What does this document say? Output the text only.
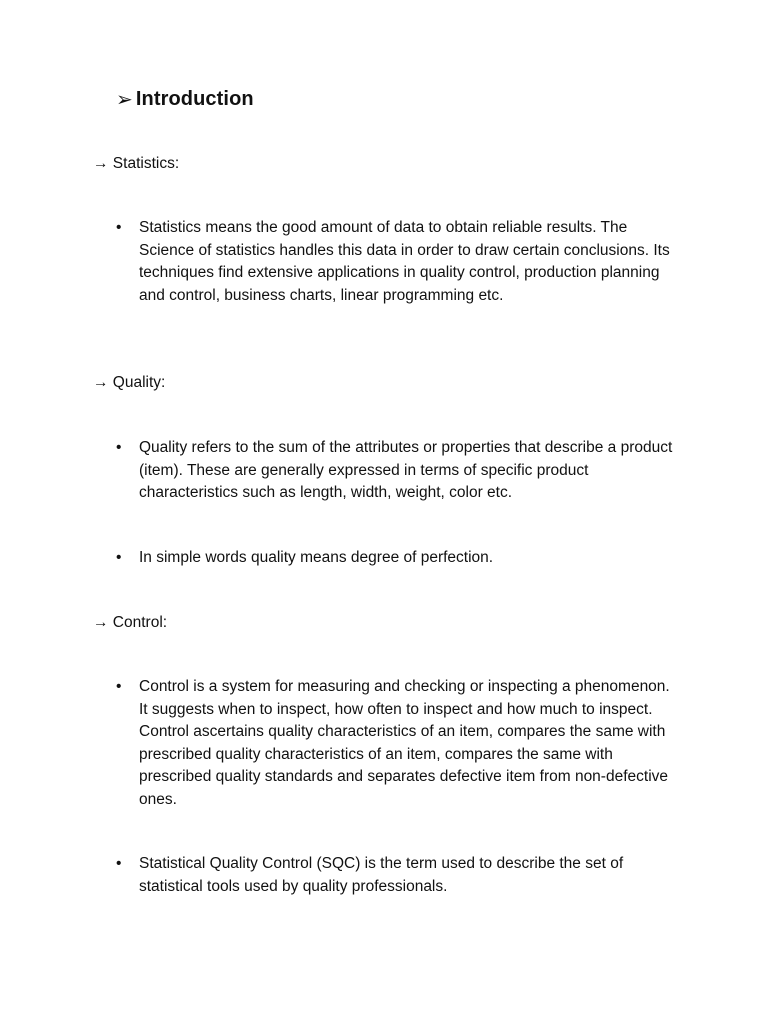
➢ Introduction
→ Statistics:
•	Statistics means the good amount of data to obtain reliable results. The Science of statistics handles this data in order to draw certain conclusions. Its techniques find extensive applications in quality control, production planning and control, business charts, linear programming etc.
→ Quality:
•	Quality refers to the sum of the attributes or properties that describe a product (item). These are generally expressed in terms of specific product characteristics such as length, width, weight, color etc.
•	In simple words quality means degree of perfection.
→ Control:
•	Control is a system for measuring and checking or inspecting a phenomenon. It suggests when to inspect, how often to inspect and how much to inspect. Control ascertains quality characteristics of an item, compares the same with prescribed quality characteristics of an item, compares the same with prescribed quality standards and separates defective item from non-defective ones.
•	Statistical Quality Control (SQC) is the term used to describe the set of statistical tools used by quality professionals.
